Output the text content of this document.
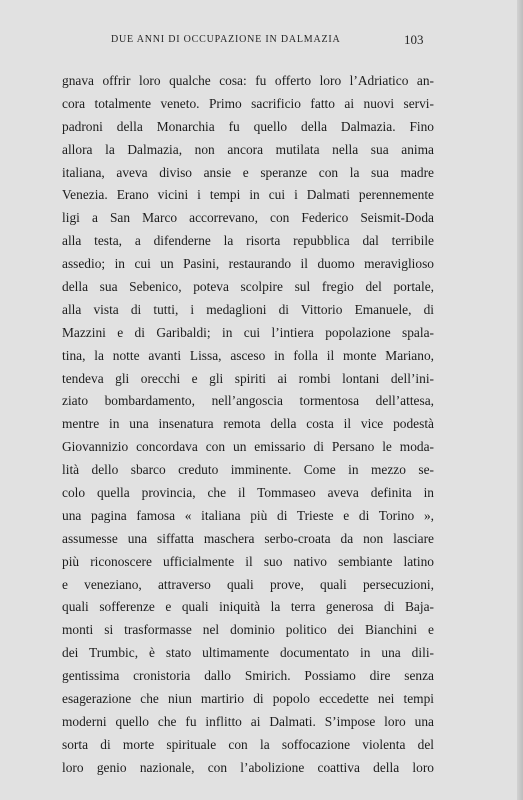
DUE ANNI DI OCCUPAZIONE IN DALMAZIA	103
gnava offrir loro qualche cosa: fu offerto loro l’Adriatico an-
cora totalmente veneto. Primo sacrificio fatto ai nuovi servi-
padroni della Monarchia fu quello della Dalmazia. Fino
allora la Dalmazia, non ancora mutilata nella sua anima
italiana, aveva diviso ansie e speranze con la sua madre
Venezia. Erano vicini i tempi in cui i Dalmati perennemente
ligi a San Marco accorrevano, con Federico Seismit-Doda
alla testa, a difenderne la risorta repubblica dal terribile
assedio; in cui un Pasini, restaurando il duomo meraviglioso
della sua Sebenico, poteva scolpire sul fregio del portale,
alla vista di tutti, i medaglioni di Vittorio Emanuele, di
Mazzini e di Garibaldi; in cui l’intiera popolazione spala-
tina, la notte avanti Lissa, asceso in folla il monte Mariano,
tendeva gli orecchi e gli spiriti ai rombi lontani dell’ini-
ziato bombardamento, nell’angoscia tormentosa dell’attesa,
mentre in una insenatura remota della costa il vice podestà
Giovannizio concordava con un emissario di Persano le moda-
lità dello sbarco creduto imminente. Come in mezzo se-
colo quella provincia, che il Tommaseo aveva definita in
una pagina famosa « italiana più di Trieste e di Torino »,
assumesse una siffatta maschera serbo-croata da non lasciare
più riconoscere ufficialmente il suo nativo sembiante latino
e veneziano, attraverso quali prove, quali persecuzioni,
quali sofferenze e quali iniquità la terra generosa di Baja-
monti si trasformasse nel dominio politico dei Bianchini e
dei Trumbic, è stato ultimamente documentato in una dili-
gentissima cronistoria dallo Smirich. Possiamo dire senza
esagerazione che niun martirio di popolo eccedette nei tempi
moderni quello che fu inflitto ai Dalmati. S’impose loro una
sorta di morte spirituale con la soffocazione violenta del
loro genio nazionale, con l’abolizione coattiva della loro
